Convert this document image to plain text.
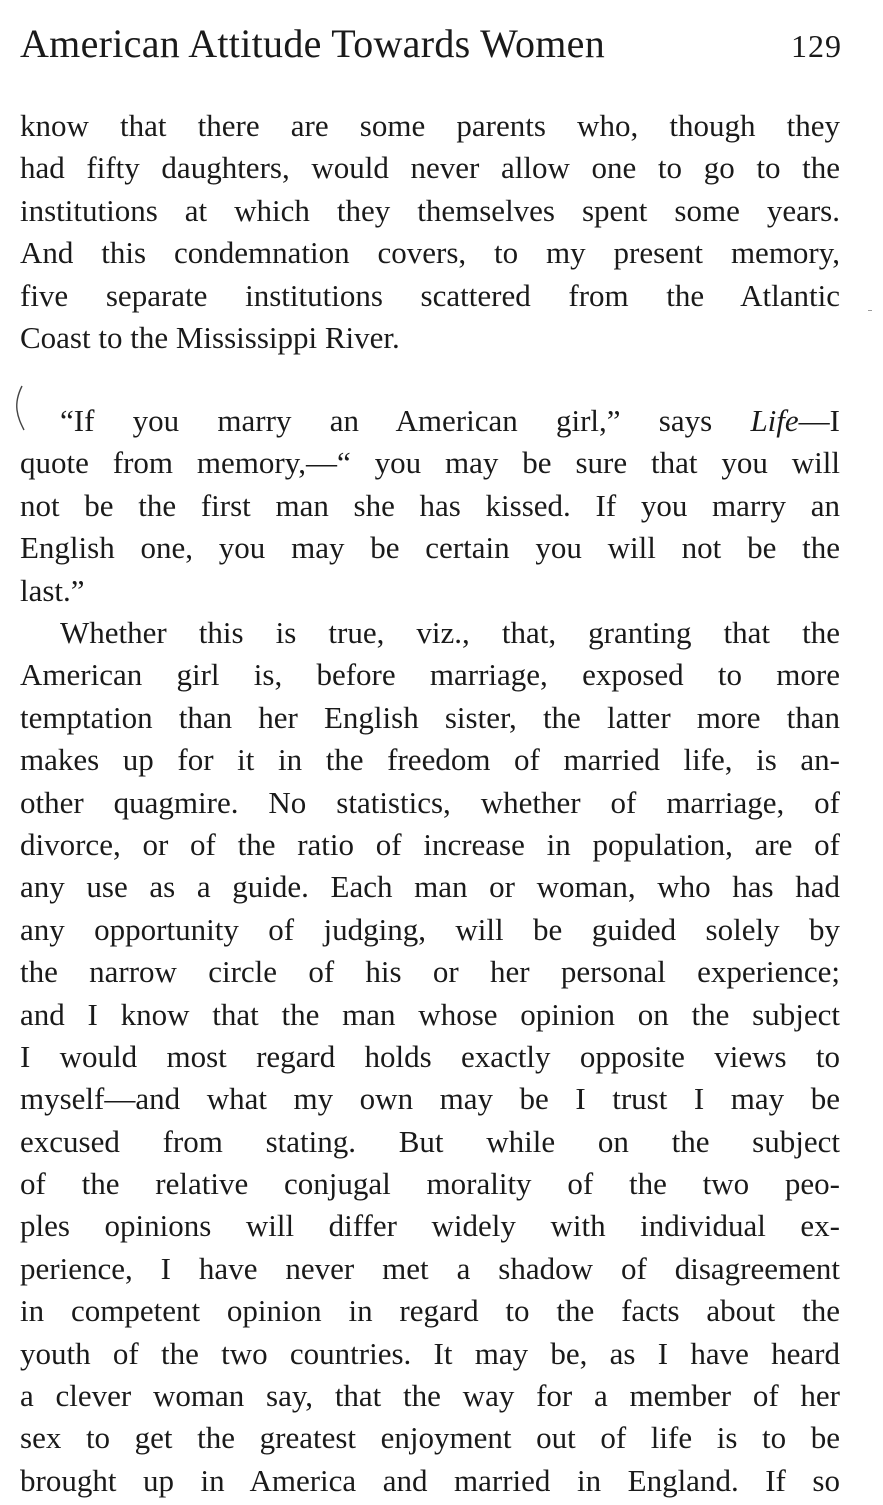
American Attitude Towards Women	129
know that there are some parents who, though they
had fifty daughters, would never allow one to go to the
institutions at which they themselves spent some years.
And this condemnation covers, to my present memory,
five separate institutions scattered from the Atlantic
Coast to the Mississippi River.
“If you marry an American girl,” says Life—I
quote from memory,—“ you may be sure that you will
not be the first man she has kissed. If you marry an
English one, you may be certain you will not be the
last.”
Whether this is true, viz., that, granting that the
American girl is, before marriage, exposed to more
temptation than her English sister, the latter more than
makes up for it in the freedom of married life, is an-
other quagmire. No statistics, whether of marriage, of
divorce, or of the ratio of increase in population, are of
any use as a guide. Each man or woman, who has had
any opportunity of judging, will be guided solely by
the narrow circle of his or her personal experience;
and I know that the man whose opinion on the subject
I would most regard holds exactly opposite views to
myself—and what my own may be I trust I may be
excused from stating. But while on the subject
of the relative conjugal morality of the two peo-
ples opinions will differ widely with individual ex-
perience, I have never met a shadow of disagreement
in competent opinion in regard to the facts about the
youth of the two countries. It may be, as I have heard
a clever woman say, that the way for a member of her
sex to get the greatest enjoyment out of life is to be
brought up in America and married in England. If so
